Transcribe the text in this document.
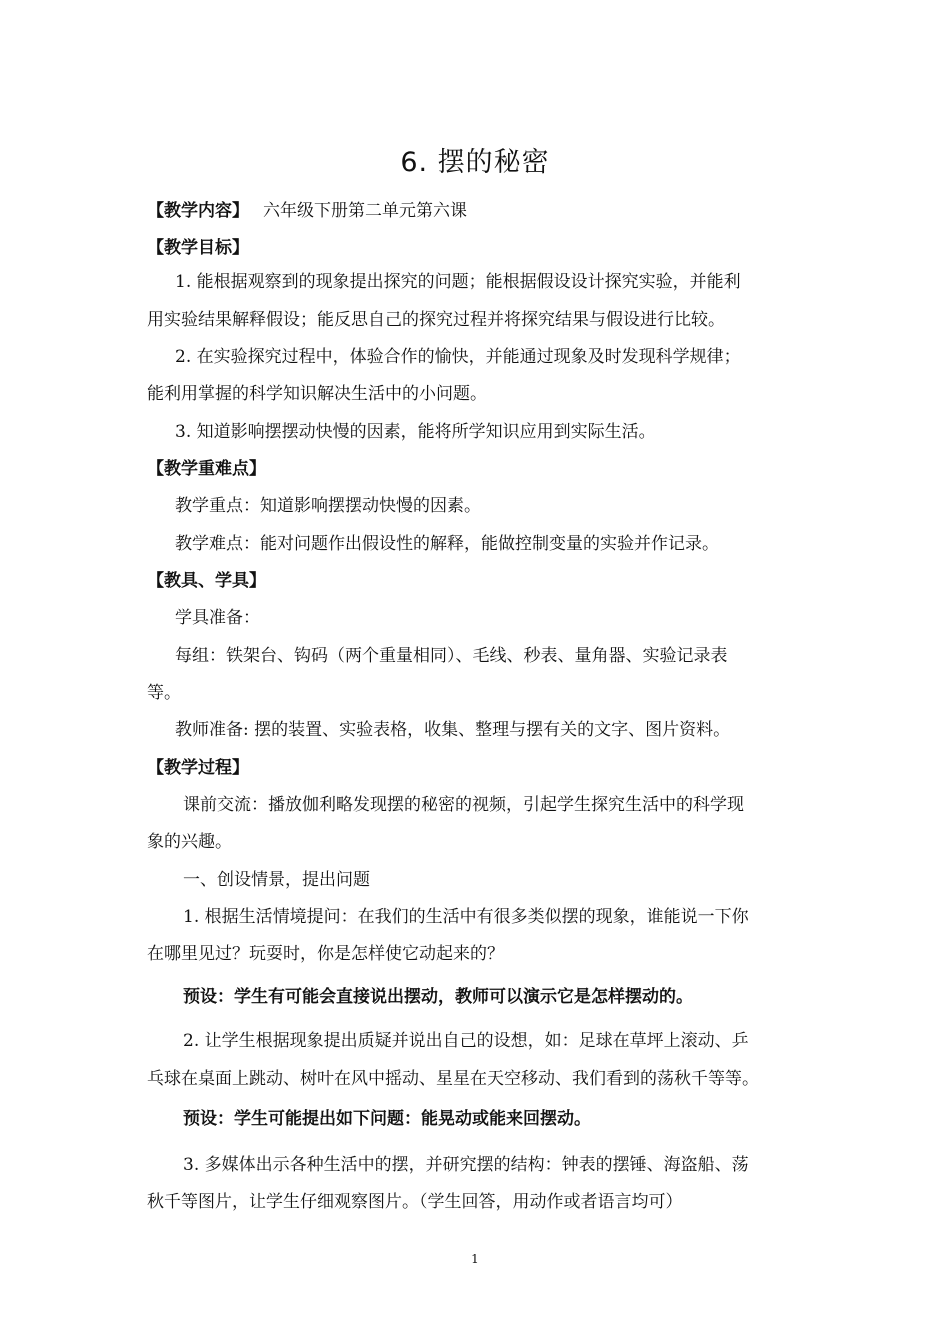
6. 摆的秘密
【教学内容】 六年级下册第二单元第六课
【教学目标】
1. 能根据观察到的现象提出探究的问题；能根据假设设计探究实验，并能利
用实验结果解释假设；能反思自己的探究过程并将探究结果与假设进行比较。
2. 在实验探究过程中，体验合作的愉快，并能通过现象及时发现科学规律；
能利用掌握的科学知识解决生活中的小问题。
3. 知道影响摆摆动快慢的因素，能将所学知识应用到实际生活。
【教学重难点】
教学重点：知道影响摆摆动快慢的因素。
教学难点：能对问题作出假设性的解释，能做控制变量的实验并作记录。
【教具、学具】
学具准备：
每组：铁架台、钩码（两个重量相同）、毛线、秒表、量角器、实验记录表
等。
教师准备: 摆的装置、实验表格，收集、整理与摆有关的文字、图片资料。
【教学过程】
课前交流：播放伽利略发现摆的秘密的视频，引起学生探究生活中的科学现
象的兴趣。
一、创设情景，提出问题
1. 根据生活情境提问：在我们的生活中有很多类似摆的现象，谁能说一下你
在哪里见过？玩耍时，你是怎样使它动起来的？
预设：学生有可能会直接说出摆动，教师可以演示它是怎样摆动的。
2. 让学生根据现象提出质疑并说出自己的设想，如：足球在草坪上滚动、乒
乓球在桌面上跳动、树叶在风中摇动、星星在天空移动、我们看到的荡秋千等等。
预设：学生可能提出如下问题：能晃动或能来回摆动。
3. 多媒体出示各种生活中的摆，并研究摆的结构：钟表的摆锤、海盗船、荡
秋千等图片，让学生仔细观察图片。（学生回答，用动作或者语言均可）
1
